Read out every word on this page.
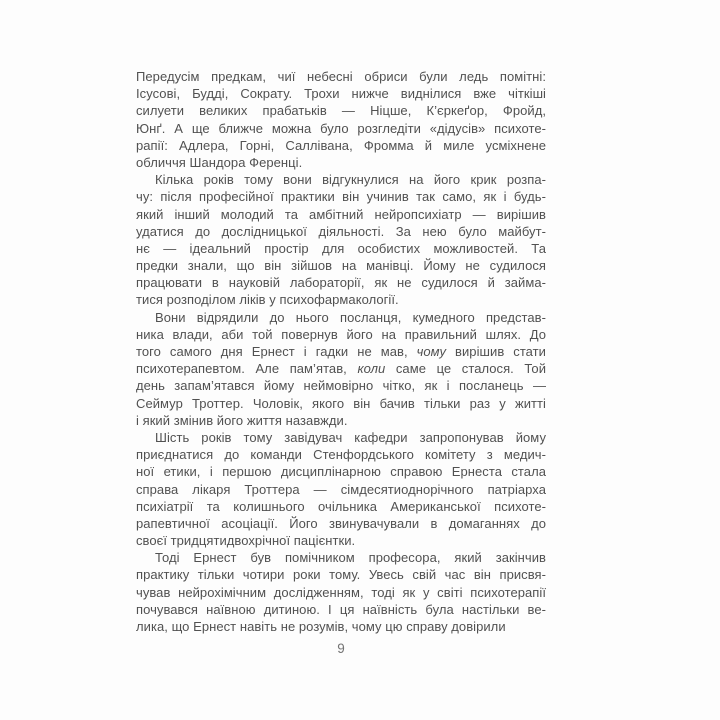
Передусім предкам, чиї небесні обриси були ледь помітні:
Ісусові, Будді, Сократу. Трохи нижче виднілися вже чіткіші
силуети великих прабатьків — Ніцше, К’єркеґор, Фройд,
Юнґ. А ще ближче можна було розгледіти «дідусів» психоте-
рапії: Адлера, Горні, Саллівана, Фромма й миле усміхнене
обличчя Шандора Ференці.
Кілька років тому вони відгукнулися на його крик розпа-
чу: після професійної практики він учинив так само, як і будь-
який інший молодий та амбітний нейропсихіатр — вирішив
удатися до дослідницької діяльності. За нею було майбут-
нє — ідеальний простір для особистих можливостей. Та
предки знали, що він зійшов на манівці. Йому не судилося
працювати в науковій лабораторії, як не судилося й займа-
тися розподілом ліків у психофармакології.
Вони відрядили до нього посланця, кумедного представ-
ника влади, аби той повернув його на правильний шлях. До
того самого дня Ернест і гадки не мав, чому вирішив стати
психотерапевтом. Але пам’ятав, коли саме це сталося. Той
день запам’ятався йому неймовірно чітко, як і посланець —
Сеймур Троттер. Чоловік, якого він бачив тільки раз у житті
і який змінив його життя назавжди.
Шість років тому завідувач кафедри запропонував йому
приєднатися до команди Стенфордського комітету з медич-
ної етики, і першою дисциплінарною справою Ернеста стала
справа лікаря Троттера — сімдесятиоднорічного патріарха
психіатрії та колишнього очільника Американської психоте-
рапевтичної асоціації. Його звинувачували в домаганнях до
своєї тридцятидвохрічної пацієнтки.
Тоді Ернест був помічником професора, який закінчив
практику тільки чотири роки тому. Увесь свій час він присвя-
чував нейрохімічним дослідженням, тоді як у світі психотерапії
почувався наївною дитиною. І ця наївність була настільки ве-
лика, що Ернест навіть не розумів, чому цю справу довірили
9
